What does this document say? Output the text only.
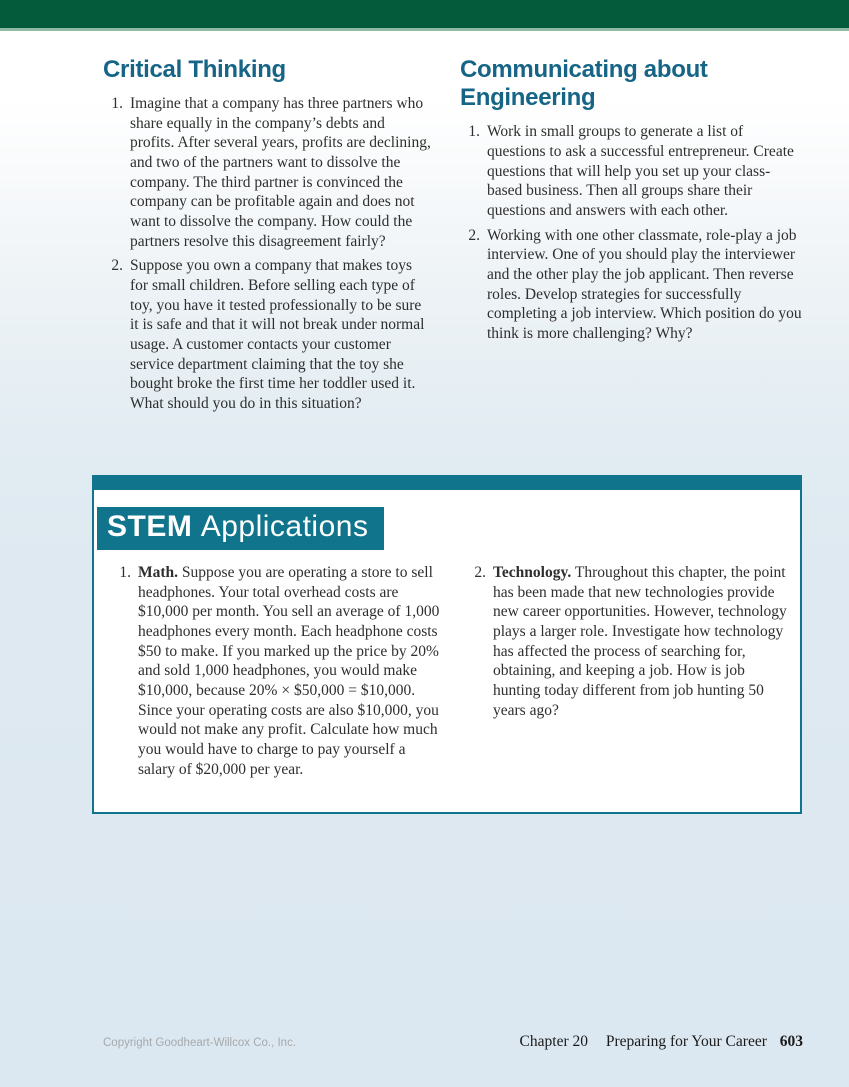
Critical Thinking
1. Imagine that a company has three partners who share equally in the company’s debts and profits. After several years, profits are declining, and two of the partners want to dissolve the company. The third partner is convinced the company can be profitable again and does not want to dissolve the company. How could the partners resolve this disagreement fairly?
2. Suppose you own a company that makes toys for small children. Before selling each type of toy, you have it tested professionally to be sure it is safe and that it will not break under normal usage. A customer contacts your customer service department claiming that the toy she bought broke the first time her toddler used it. What should you do in this situation?
Communicating about Engineering
1. Work in small groups to generate a list of questions to ask a successful entrepreneur. Create questions that will help you set up your class-based business. Then all groups share their questions and answers with each other.
2. Working with one other classmate, role-play a job interview. One of you should play the interviewer and the other play the job applicant. Then reverse roles. Develop strategies for successfully completing a job interview. Which position do you think is more challenging? Why?
STEM Applications
1. Math. Suppose you are operating a store to sell headphones. Your total overhead costs are $10,000 per month. You sell an average of 1,000 headphones every month. Each headphone costs $50 to make. If you marked up the price by 20% and sold 1,000 headphones, you would make $10,000, because 20% × $50,000 = $10,000. Since your operating costs are also $10,000, you would not make any profit. Calculate how much you would have to charge to pay yourself a salary of $20,000 per year.
2. Technology. Throughout this chapter, the point has been made that new technologies provide new career opportunities. However, technology plays a larger role. Investigate how technology has affected the process of searching for, obtaining, and keeping a job. How is job hunting today different from job hunting 50 years ago?
Copyright Goodheart-Willcox Co., Inc.	Chapter 20 Preparing for Your Career 603
